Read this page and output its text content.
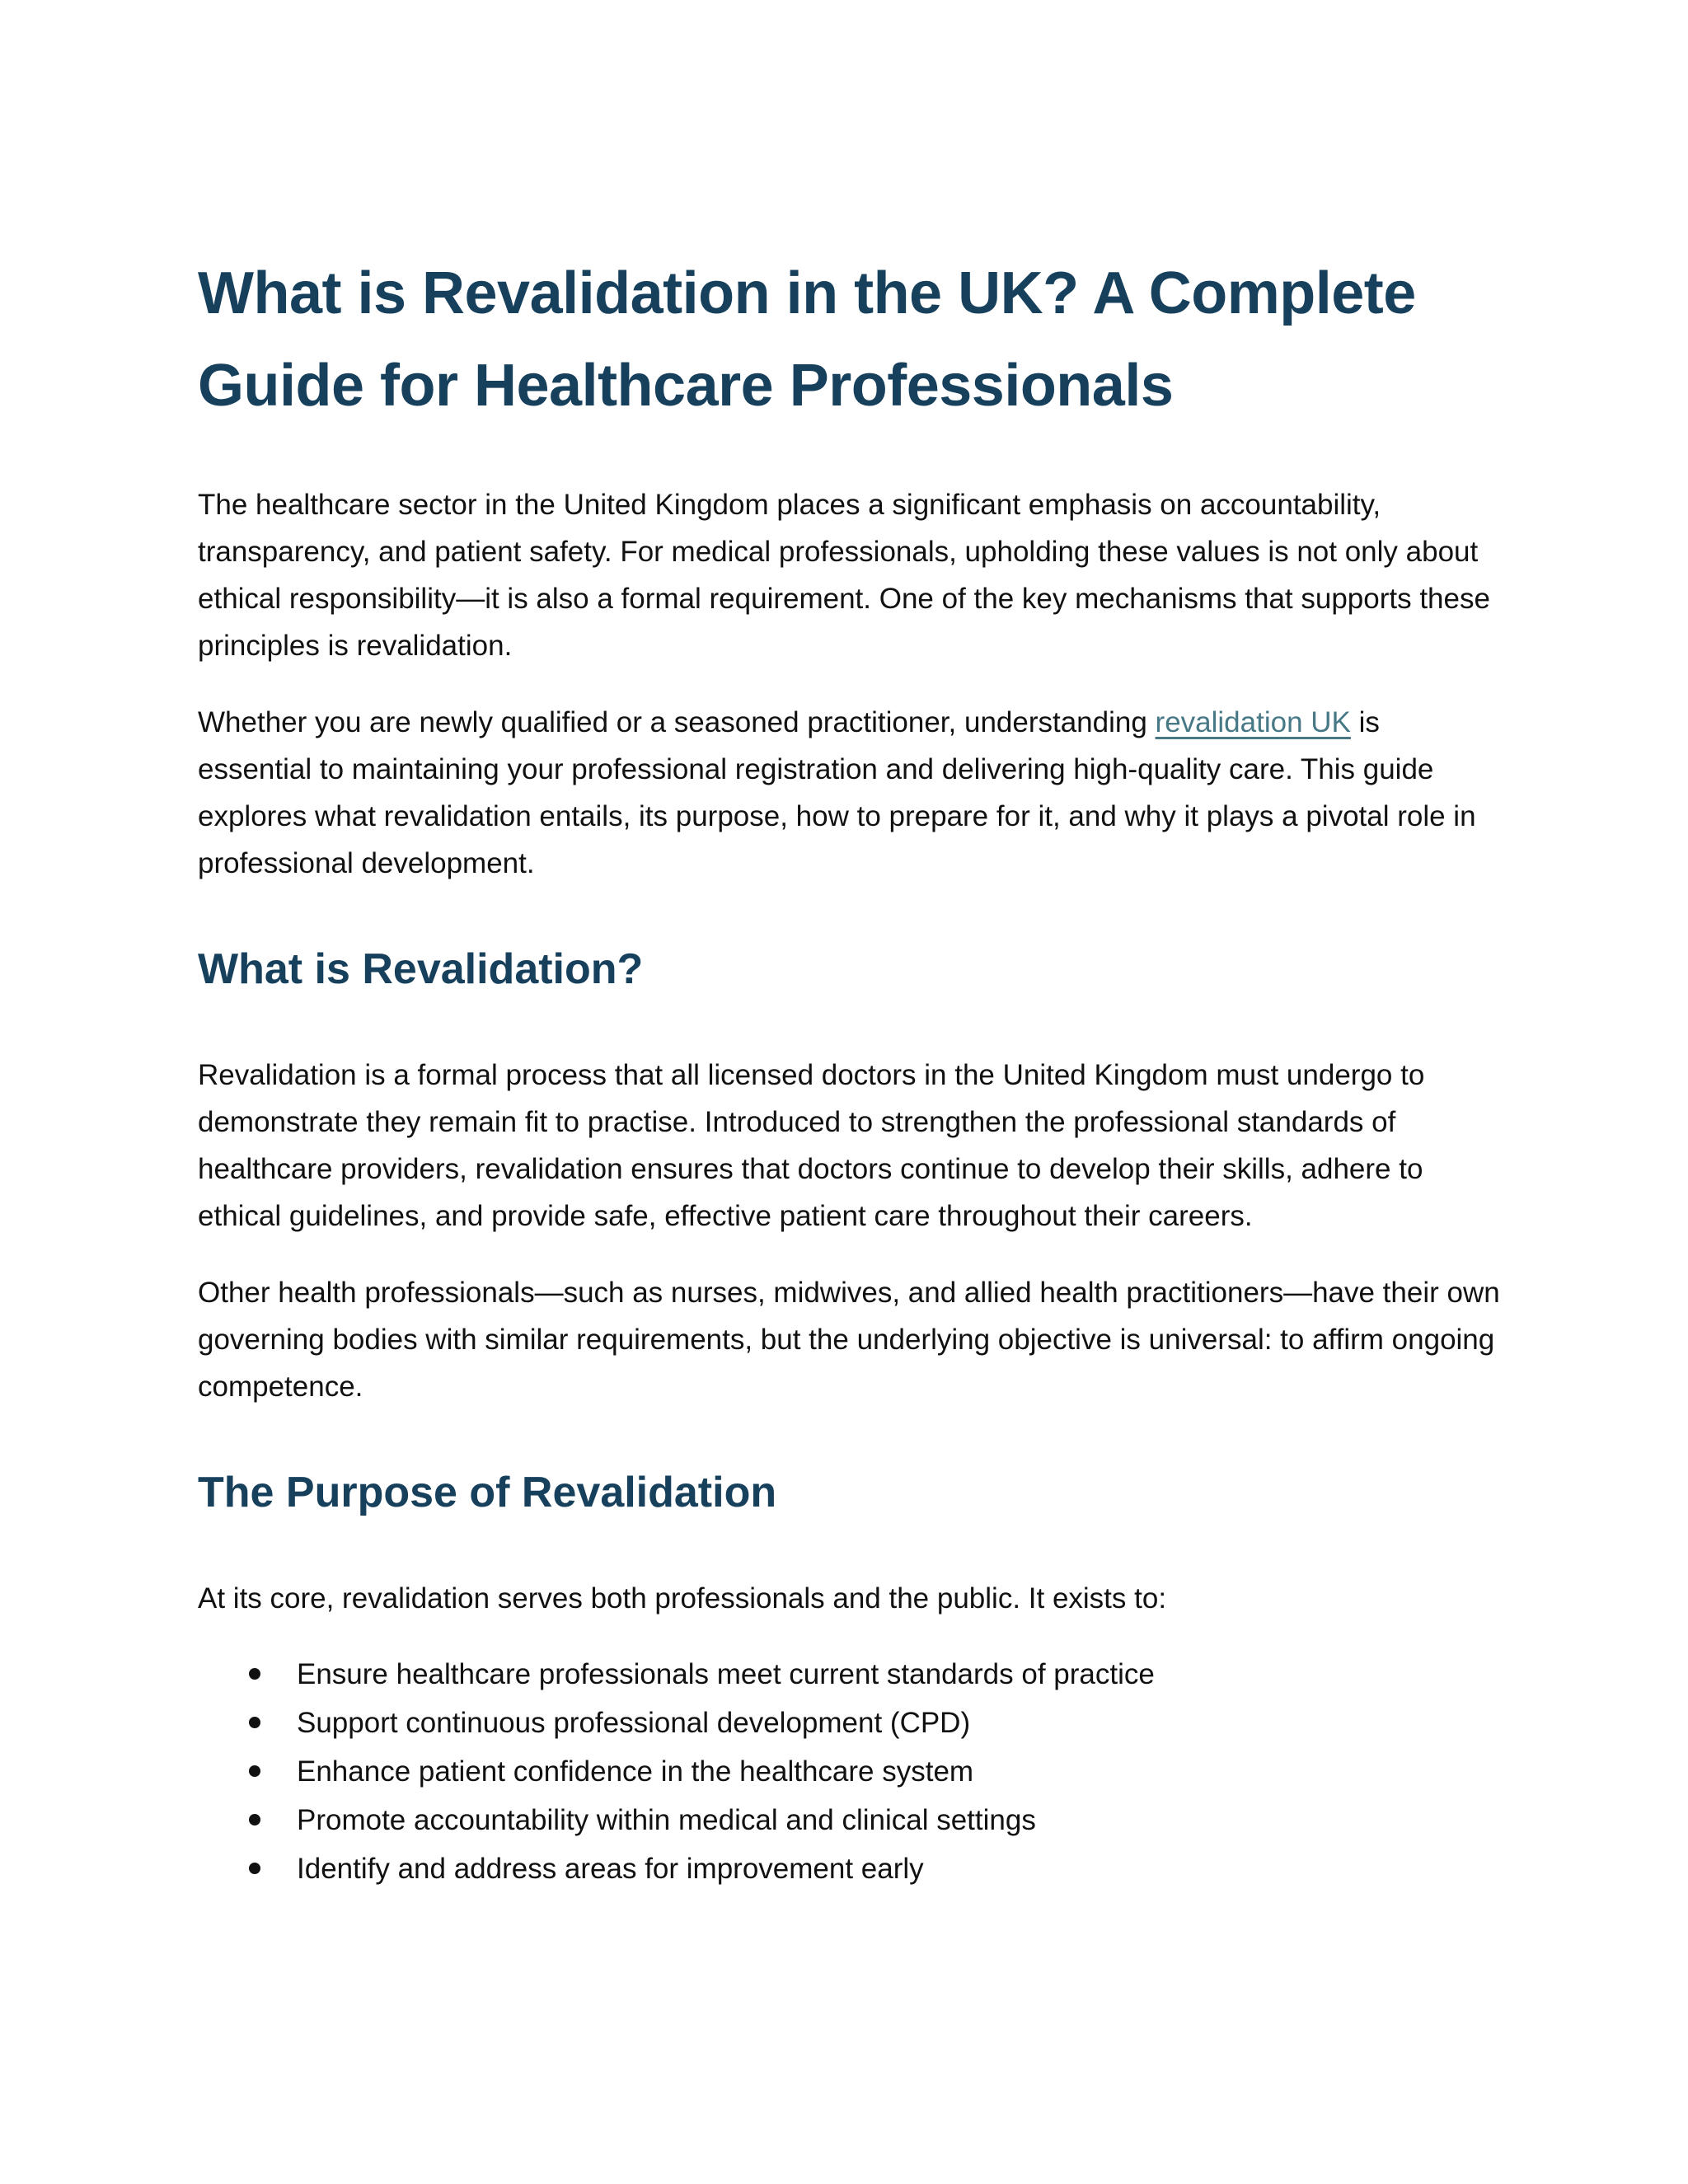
What is Revalidation in the UK? A Complete Guide for Healthcare Professionals

The healthcare sector in the United Kingdom places a significant emphasis on accountability, transparency, and patient safety. For medical professionals, upholding these values is not only about ethical responsibility—it is also a formal requirement. One of the key mechanisms that supports these principles is revalidation.

Whether you are newly qualified or a seasoned practitioner, understanding revalidation UK is essential to maintaining your professional registration and delivering high-quality care. This guide explores what revalidation entails, its purpose, how to prepare for it, and why it plays a pivotal role in professional development.

What is Revalidation?

Revalidation is a formal process that all licensed doctors in the United Kingdom must undergo to demonstrate they remain fit to practise. Introduced to strengthen the professional standards of healthcare providers, revalidation ensures that doctors continue to develop their skills, adhere to ethical guidelines, and provide safe, effective patient care throughout their careers.

Other health professionals—such as nurses, midwives, and allied health practitioners—have their own governing bodies with similar requirements, but the underlying objective is universal: to affirm ongoing competence.

The Purpose of Revalidation

At its core, revalidation serves both professionals and the public. It exists to:

Ensure healthcare professionals meet current standards of practice
Support continuous professional development (CPD)
Enhance patient confidence in the healthcare system
Promote accountability within medical and clinical settings
Identify and address areas for improvement early
